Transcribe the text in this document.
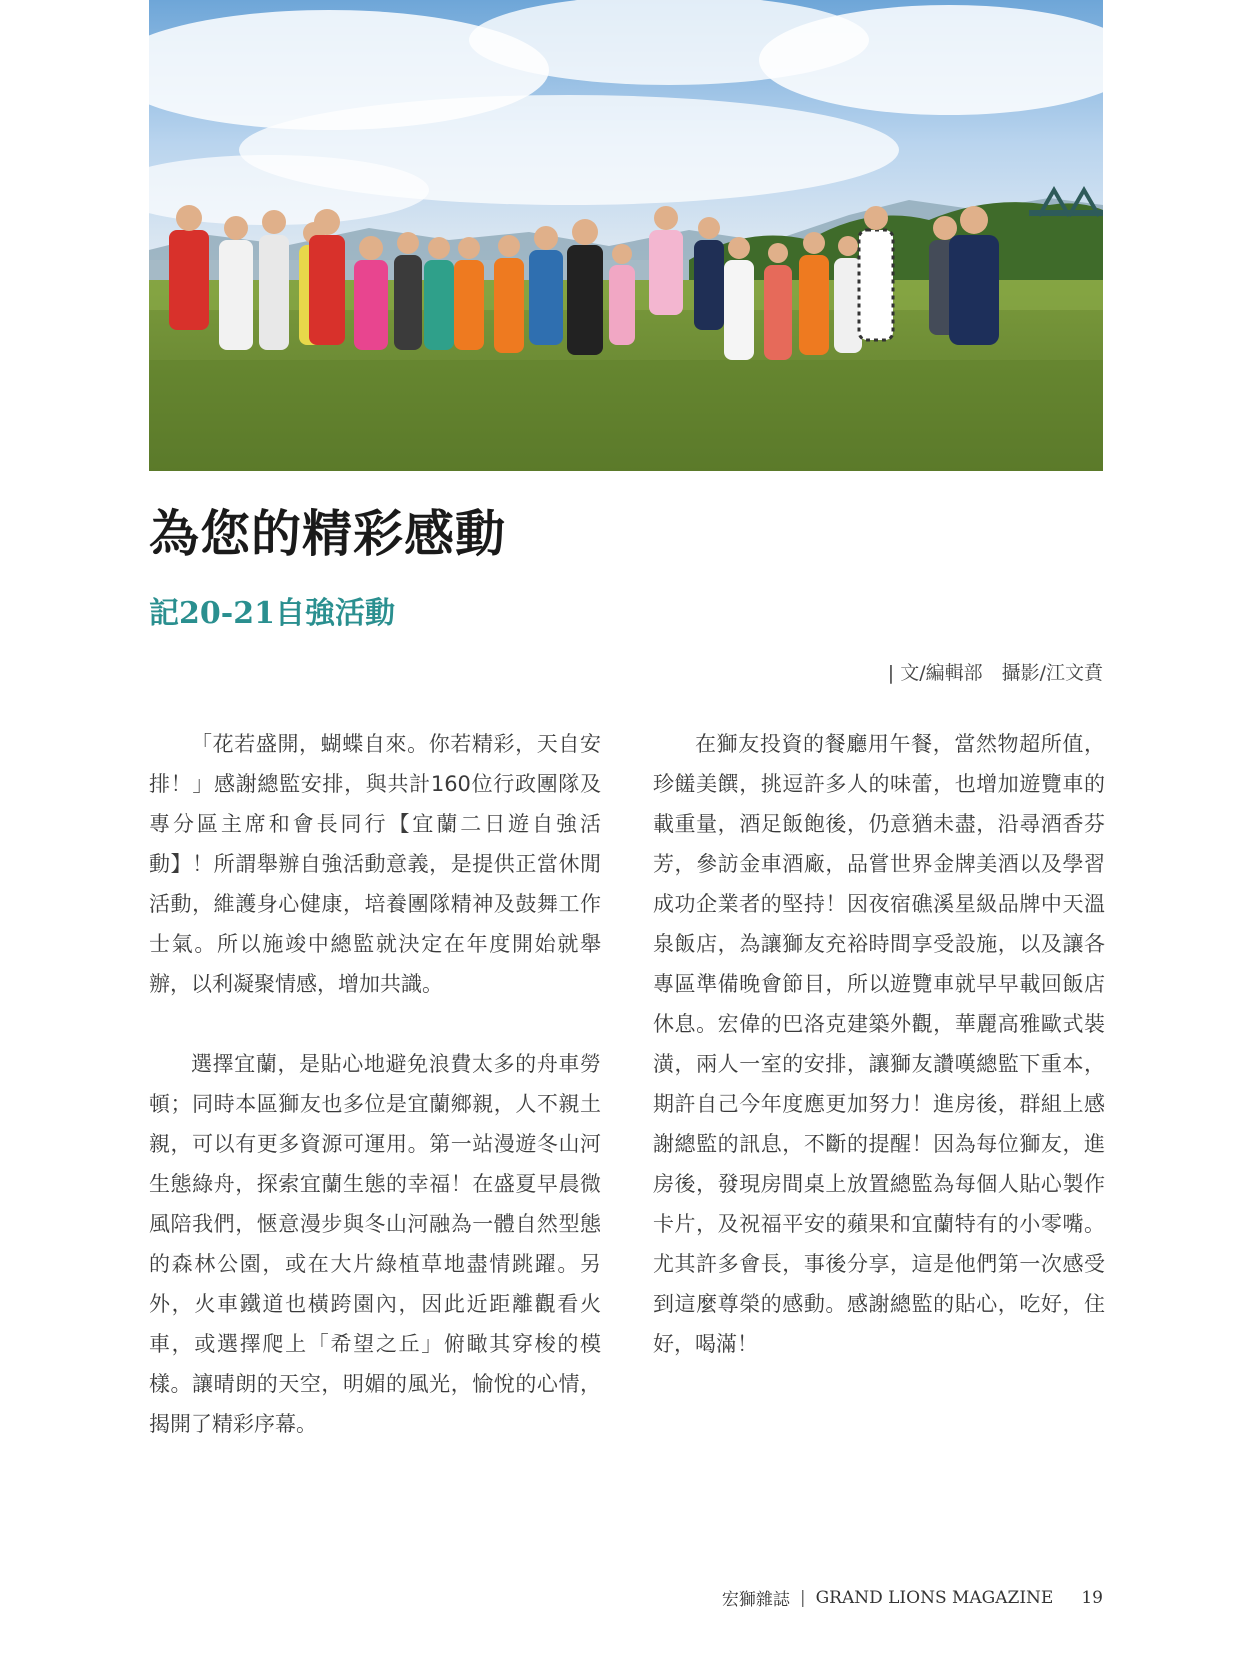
為您的精彩感動
記20-21自強活動
| 文/編輯部　攝影/江文賁

「花若盛開，蝴蝶自來。你若精彩，天自安排！」感謝總監安排，與共計160位行政團隊及專分區主席和會長同行【宜蘭二日遊自強活動】！所謂舉辦自強活動意義，是提供正當休閒活動，維護身心健康，培養團隊精神及鼓舞工作士氣。所以施竣中總監就決定在年度開始就舉辦，以利凝聚情感，增加共識。

選擇宜蘭，是貼心地避免浪費太多的舟車勞頓；同時本區獅友也多位是宜蘭鄉親，人不親土親，可以有更多資源可運用。第一站漫遊冬山河生態綠舟，探索宜蘭生態的幸福！在盛夏早晨微風陪我們，愜意漫步與冬山河融為一體自然型態的森林公園，或在大片綠植草地盡情跳躍。另外，火車鐵道也橫跨園內，因此近距離觀看火車，或選擇爬上「希望之丘」俯瞰其穿梭的模樣。讓晴朗的天空，明媚的風光，愉悅的心情，揭開了精彩序幕。

在獅友投資的餐廳用午餐，當然物超所值，珍饈美饌，挑逗許多人的味蕾，也增加遊覽車的載重量，酒足飯飽後，仍意猶未盡，沿尋酒香芬芳，參訪金車酒廠，品嘗世界金牌美酒以及學習成功企業者的堅持！因夜宿礁溪星級品牌中天溫泉飯店，為讓獅友充裕時間享受設施，以及讓各專區準備晚會節目，所以遊覽車就早早載回飯店休息。宏偉的巴洛克建築外觀，華麗高雅歐式裝潢，兩人一室的安排，讓獅友讚嘆總監下重本，期許自己今年度應更加努力！進房後，群組上感謝總監的訊息，不斷的提醒！因為每位獅友，進房後，發現房間桌上放置總監為每個人貼心製作卡片，及祝福平安的蘋果和宜蘭特有的小零嘴。尤其許多會長，事後分享，這是他們第一次感受到這麼尊榮的感動。感謝總監的貼心，吃好，住好，喝滿！

宏獅雜誌 | GRAND LIONS MAGAZINE 19
